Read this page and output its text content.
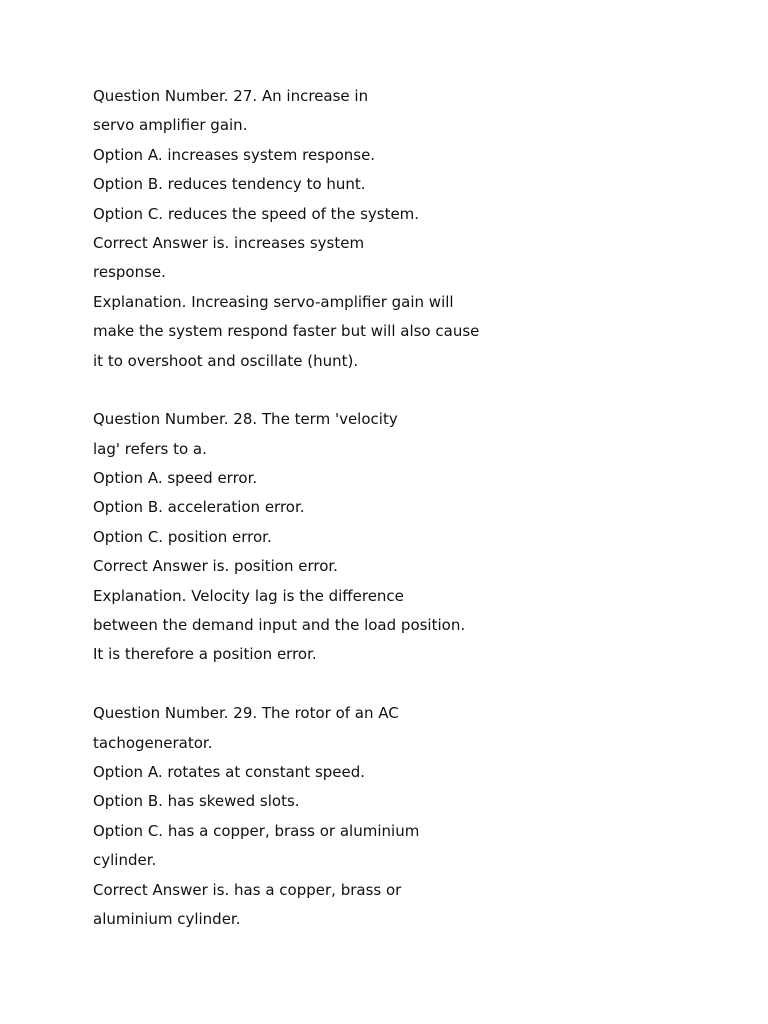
Question Number. 27. An increase in
servo amplifier gain.
Option A. increases system response.
Option B. reduces tendency to hunt.
Option C. reduces the speed of the system.
Correct Answer is. increases system
response.
Explanation. Increasing servo-amplifier gain will
make the system respond faster but will also cause
it to overshoot and oscillate (hunt).
Question Number. 28. The term 'velocity
lag' refers to a.
Option A. speed error.
Option B. acceleration error.
Option C. position error.
Correct Answer is. position error.
Explanation. Velocity lag is the difference
between the demand input and the load position.
It is therefore a position error.
Question Number. 29. The rotor of an AC
tachogenerator.
Option A. rotates at constant speed.
Option B. has skewed slots.
Option C. has a copper, brass or aluminium
cylinder.
Correct Answer is. has a copper, brass or
aluminium cylinder.
